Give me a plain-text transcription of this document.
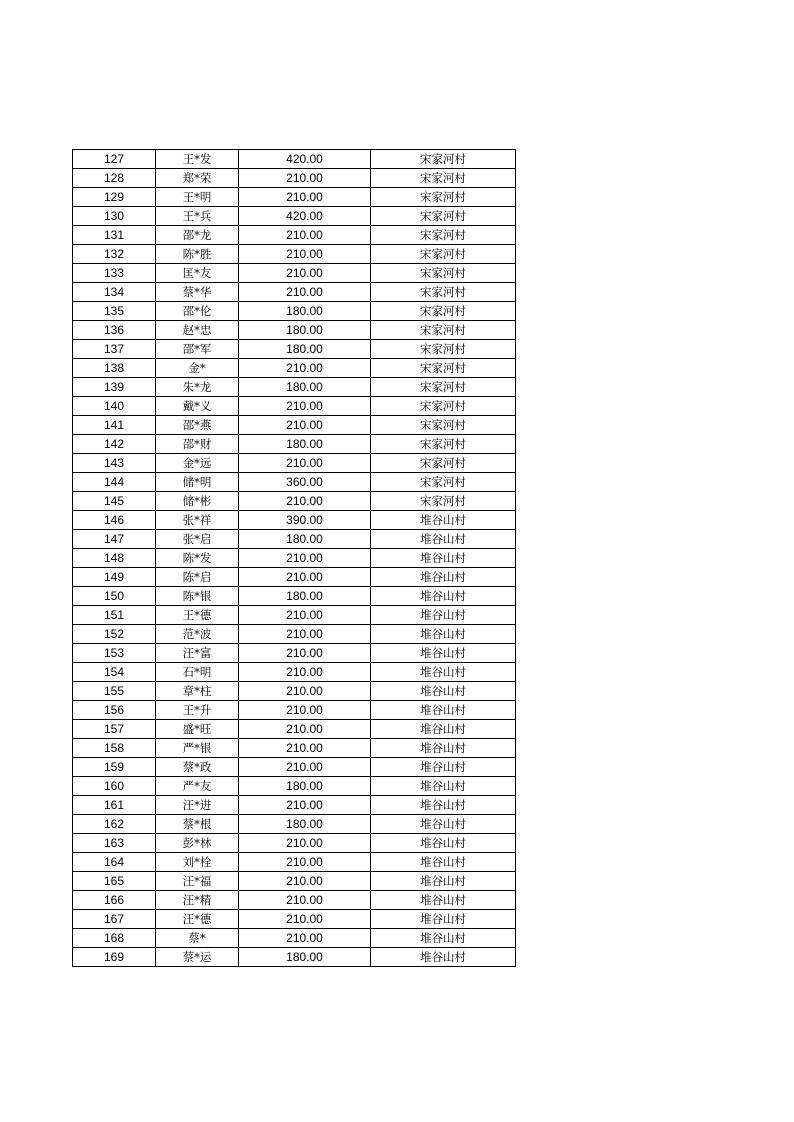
127	王*发	420.00	宋家河村
128	郑*荣	210.00	宋家河村
129	王*明	210.00	宋家河村
130	王*兵	420.00	宋家河村
131	邵*龙	210.00	宋家河村
132	陈*胜	210.00	宋家河村
133	匡*友	210.00	宋家河村
134	蔡*华	210.00	宋家河村
135	邵*伦	180.00	宋家河村
136	赵*忠	180.00	宋家河村
137	邵*军	180.00	宋家河村
138	金*	210.00	宋家河村
139	朱*龙	180.00	宋家河村
140	戴*义	210.00	宋家河村
141	邵*燕	210.00	宋家河村
142	邵*财	180.00	宋家河村
143	金*远	210.00	宋家河村
144	储*明	360.00	宋家河村
145	储*彬	210.00	宋家河村
146	张*祥	390.00	堆谷山村
147	张*启	180.00	堆谷山村
148	陈*发	210.00	堆谷山村
149	陈*启	210.00	堆谷山村
150	陈*银	180.00	堆谷山村
151	王*德	210.00	堆谷山村
152	范*波	210.00	堆谷山村
153	汪*富	210.00	堆谷山村
154	石*明	210.00	堆谷山村
155	章*柱	210.00	堆谷山村
156	王*升	210.00	堆谷山村
157	盛*旺	210.00	堆谷山村
158	严*银	210.00	堆谷山村
159	蔡*政	210.00	堆谷山村
160	严*友	180.00	堆谷山村
161	汪*进	210.00	堆谷山村
162	蔡*根	180.00	堆谷山村
163	彭*林	210.00	堆谷山村
164	刘*栓	210.00	堆谷山村
165	汪*福	210.00	堆谷山村
166	汪*精	210.00	堆谷山村
167	汪*德	210.00	堆谷山村
168	蔡*	210.00	堆谷山村
169	蔡*运	180.00	堆谷山村
